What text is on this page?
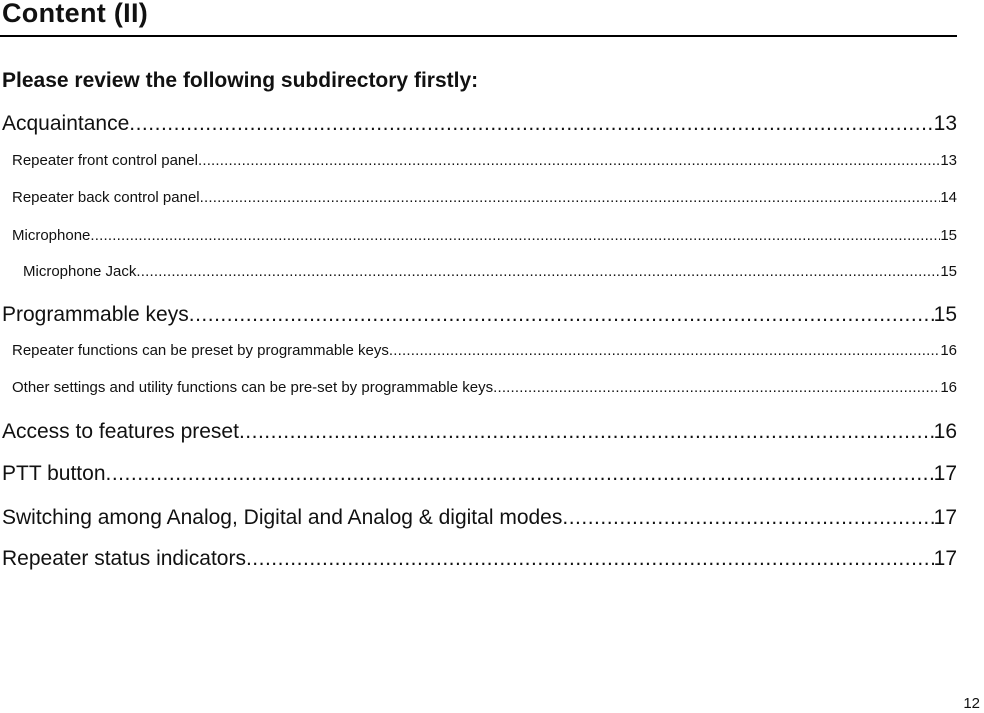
Content (II)
Please review the following subdirectory firstly:
Acquaintance .....	13
Repeater front control panel .....	13
Repeater back control panel .....	14
Microphone .....	15
Microphone Jack .....	15
Programmable keys .....	15
Repeater functions can be preset by programmable keys .....	16
Other settings and utility functions can be pre-set by programmable keys .....	16
Access to features preset .....	16
PTT button .....	17
Switching among Analog, Digital and Analog & digital modes .....	17
Repeater status indicators .....	17
12
